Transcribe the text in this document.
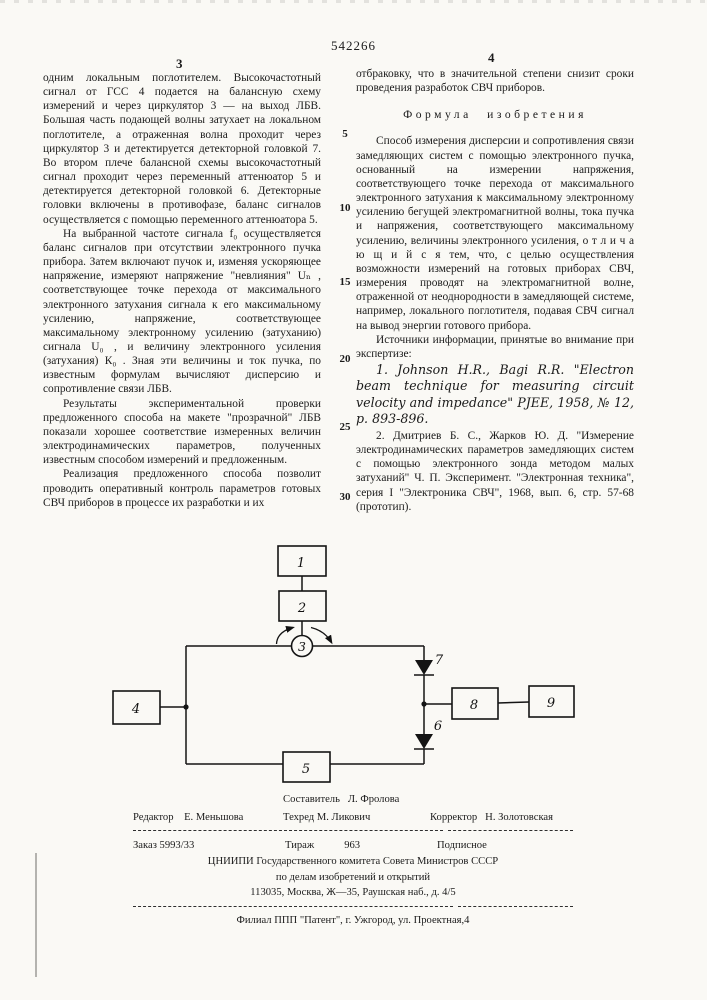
542266
3	4
5
10
15
20
25
30

одним локальным поглотителем. Высокочастотный сигнал от ГСС 4 подается на балансную схему измерений и через циркулятор 3 — на выход ЛБВ. Большая часть подающей волны затухает на локальном поглотителе, а отраженная волна проходит через циркулятор 3 и детектируется детекторной головкой 7. Во втором плече балансной схемы высокочастотный сигнал проходит через переменный аттенюатор 5 и детектируется детекторной головкой 6. Детекторные головки включены в противофазе, баланс сигналов осуществляется с помощью переменного аттенюатора 5.

На выбранной частоте сигнала f₀ осуществляется баланс сигналов при отсутствии электронного пучка прибора. Затем включают пучок и, изменяя ускоряющее напряжение, измеряют напряжение "невлияния" Uₙ , соответствующее точке перехода от максимального электронного затухания сигнала к его максимальному усилению, напряжение, соответствующее максимальному электронному усилению (затуханию) сигнала U₀ , и величину электронного усиления (затухания) К₀ . Зная эти величины и ток пучка, по известным формулам вычисляют дисперсию и сопротивление связи ЛБВ.

Результаты экспериментальной проверки предложенного способа на макете "прозрачной" ЛБВ показали хорошее соответствие измеренных величин электродинамических параметров, полученных известным способом измерений и предложенным.

Реализация предложенного способа позволит проводить оперативный контроль параметров готовых СВЧ приборов в процессе их разработки и их

отбраковку, что в значительной степени снизит сроки проведения разработок СВЧ приборов.

Формула изобретения

Способ измерения дисперсии и сопротивления связи замедляющих систем с помощью электронного пучка, основанный на измерении напряжения, соответствующего точке перехода от максимального электронного затухания к максимальному электронному усилению бегущей электромагнитной волны, тока пучка и напряжения, соответствующего максимальному усилению, величины электронного усиления, о т л и ч а ю щ и й с я тем, что, с целью осуществления возможности измерений на готовых приборах СВЧ, измерения проводят на электромагнитной волне, отраженной от неоднородности в замедляющей системе, например, локального поглотителя, подавая СВЧ сигнал на вывод энергии готового прибора.

Источники информации, принятые во внимание при экспертизе:

1. Johnson H.R., Bagi R.R. "Electron beam technique for measuring circuit velocity and impedance" PJEE, 1958, № 12, p. 893-896.

2. Дмитриев Б. С., Жарков Ю. Д. "Измерение электродинамических параметров замедляющих систем с помощью электронного зонда методом малых затуханий" Ч. П. Эксперимент. "Электронная техника", серия I "Электроника СВЧ", 1968, вып. 6, стр. 57-68 (прототип).

1
2
3
4
5
7
6
8	9
Составитель   Л. Фролова
Редактор    Е. Меньшова	Техред М. Ликович	Корректор   Н. Золотовская
Заказ 5993/33	Тираж	963	Подписное
ЦНИИПИ Государственного комитета Совета Министров СССР
по делам изобретений и открытий
113035, Москва, Ж—35, Раушская наб., д. 4/5
Филиал ППП "Патент", г. Ужгород, ул. Проектная,4
